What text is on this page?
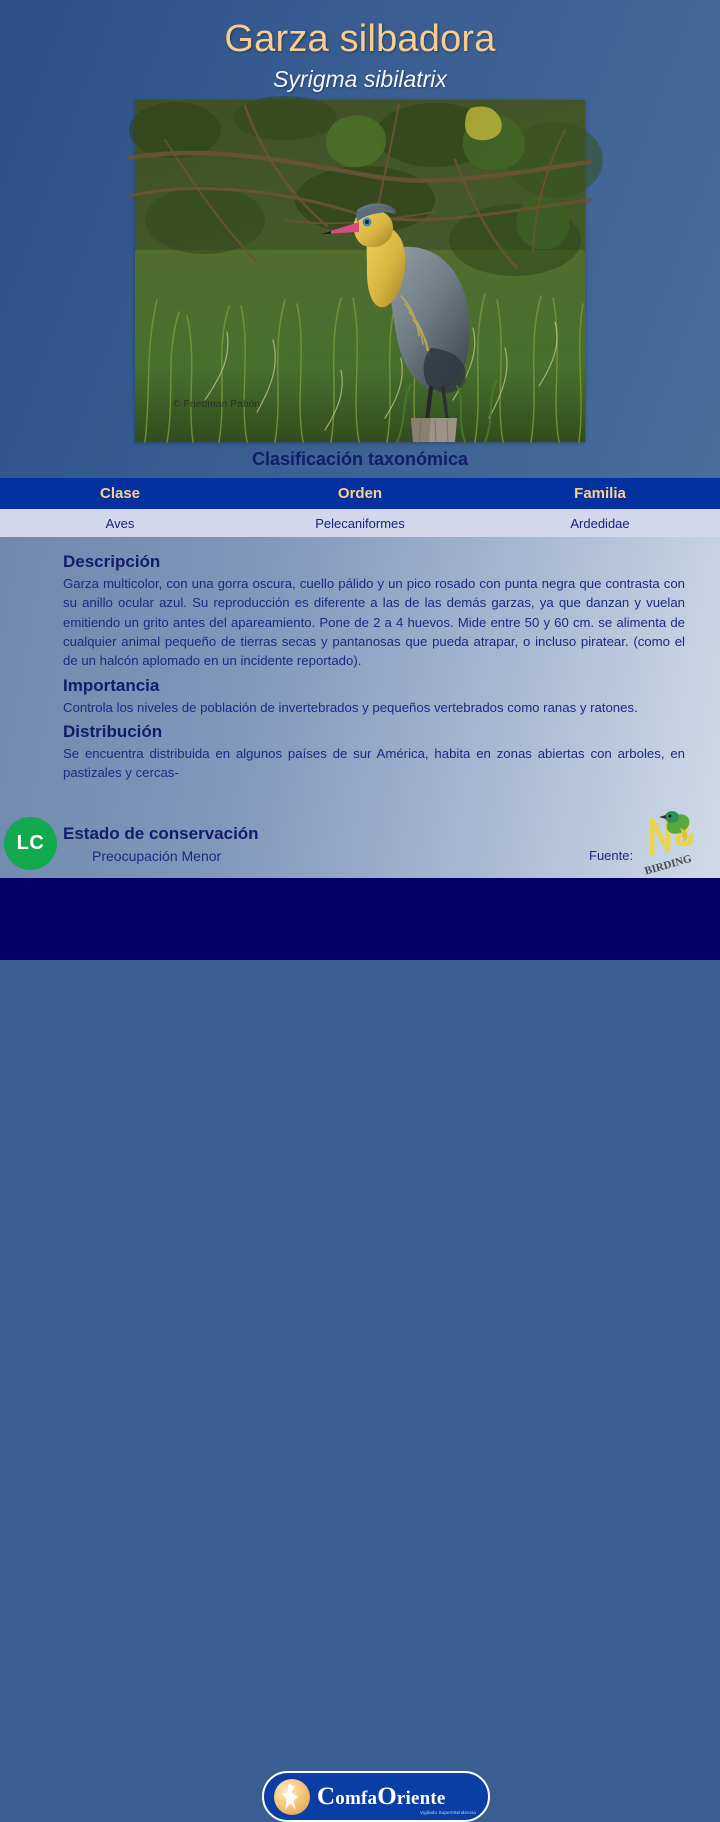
Garza silbadora
Syrigma sibilatrix
© Friedman Pabón
Clasificación taxonómica
Clase	Orden	Familia
Aves	Pelecaniformes	Ardedidae
Descripción
Garza multicolor, con una gorra oscura, cuello pálido y un pico rosado con punta negra que contrasta con su anillo ocular azul. Su reproducción es diferente a las de las demás garzas, ya que danzan y vuelan emitiendo un grito antes del apareamiento. Pone de 2 a 4 huevos. Mide entre 50 y 60 cm. se alimenta de cualquier animal pequeño de tierras secas y pantanosas que pueda atrapar, o incluso piratear. (como el de un halcón aplomado en un incidente reportado).
Importancia
Controla los niveles de población de invertebrados y pequeños vertebrados como ranas y ratones.
Distribución
Se encuentra distribuida en algunos países de sur América, habita en zonas abiertas con arboles, en pastizales y cercas-
LC Estado de conservación
Preocupación Menor	Fuente: BIRDING
ComfaOriente
Vigilado Superintendencia
